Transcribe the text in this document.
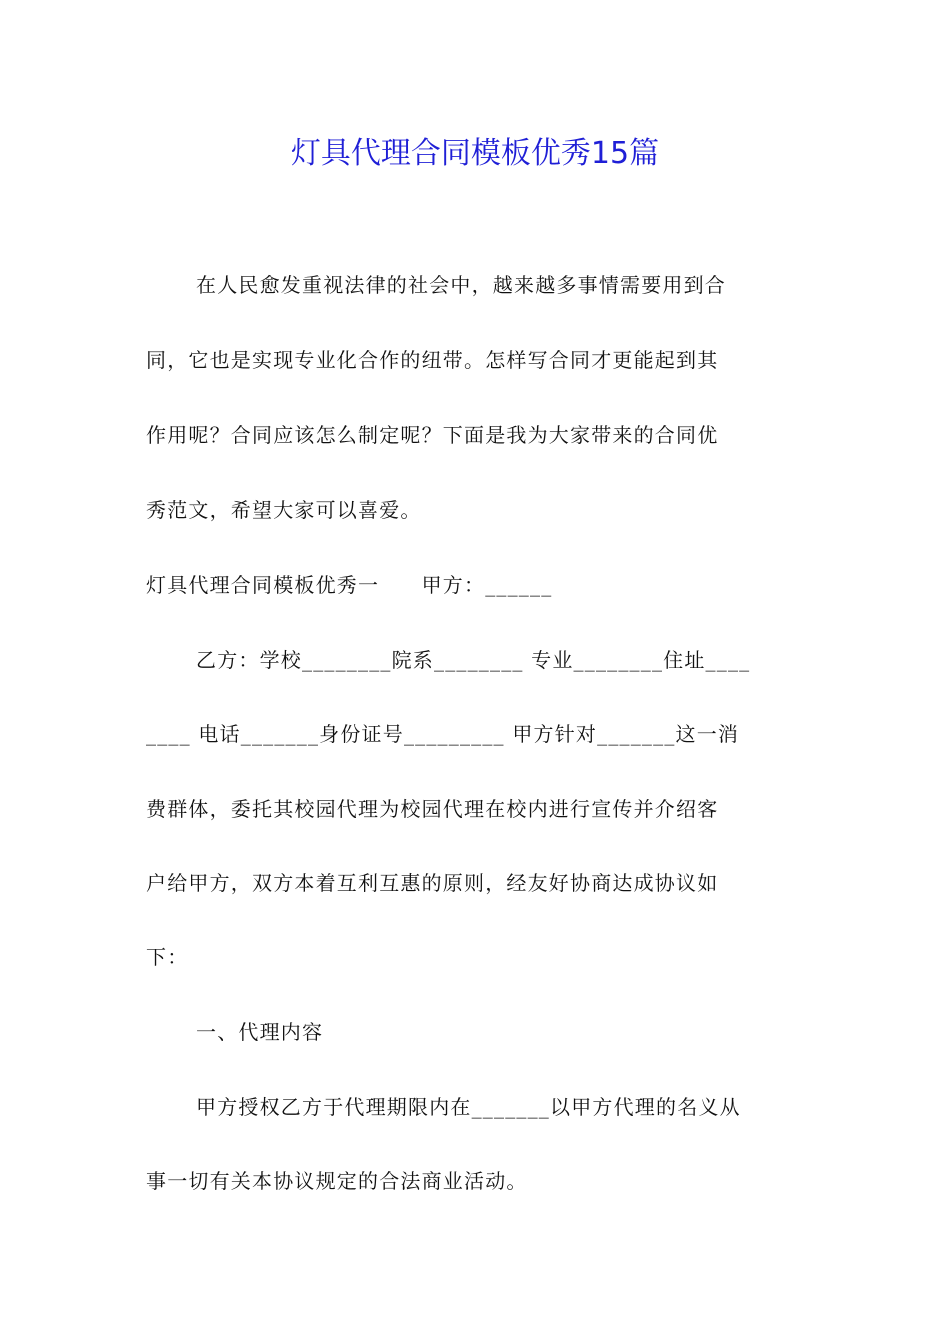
灯具代理合同模板优秀15篇
在人民愈发重视法律的社会中，越来越多事情需要用到合
同，它也是实现专业化合作的纽带。怎样写合同才更能起到其
作用呢？合同应该怎么制定呢？下面是我为大家带来的合同优
秀范文，希望大家可以喜爱。
灯具代理合同模板优秀一　　甲方：______
乙方：学校________院系________ 专业________住址____
____ 电话_______身份证号_________ 甲方针对_______这一消
费群体，委托其校园代理为校园代理在校内进行宣传并介绍客
户给甲方，双方本着互利互惠的原则，经友好协商达成协议如
下：
一、代理内容
甲方授权乙方于代理期限内在_______以甲方代理的名义从
事一切有关本协议规定的合法商业活动。
